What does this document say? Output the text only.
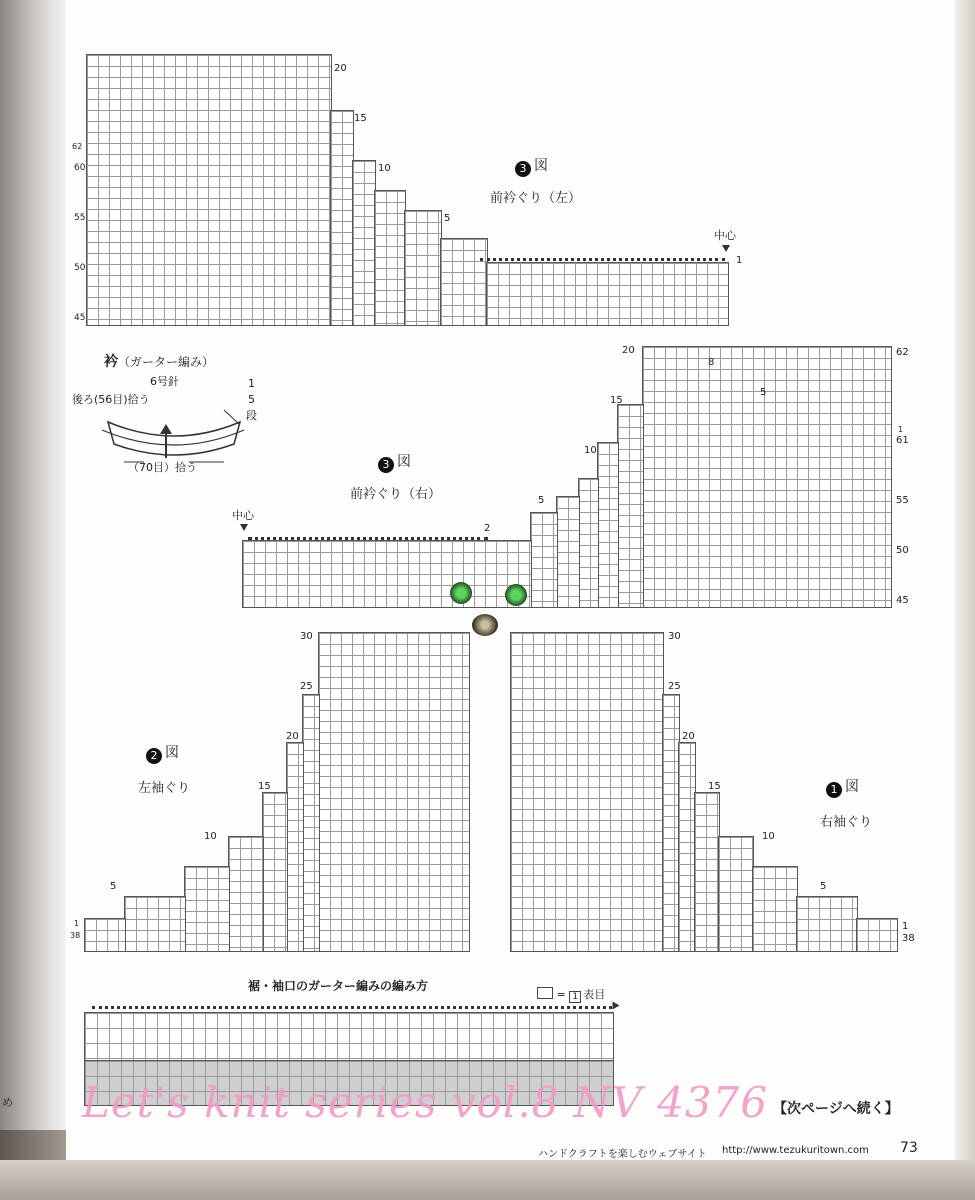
め
20
15
10
5
1
62
60
55
50
45
中心
3 図
前衿ぐり（左）
衿（ガーター編み）
6号針
後ろ(56目)拾う
（70目）拾う
1
5
段
20
15
10
5
2
62
61
55
50
45
1
8
5
中心
3 図
前衿ぐり（右）
30
25
20
15
10
5
1
38
2 図
左袖ぐり
30
25
20
15
10
5
1
38
1 図
右袖ぐり
裾・袖口のガーター編みの編み方
= 1 表目
Let's knit series vol.8 NV 4376 【次ページへ続く】
ハンドクラフトを楽しむウェブサイト http://www.tezukuritown.com 73
